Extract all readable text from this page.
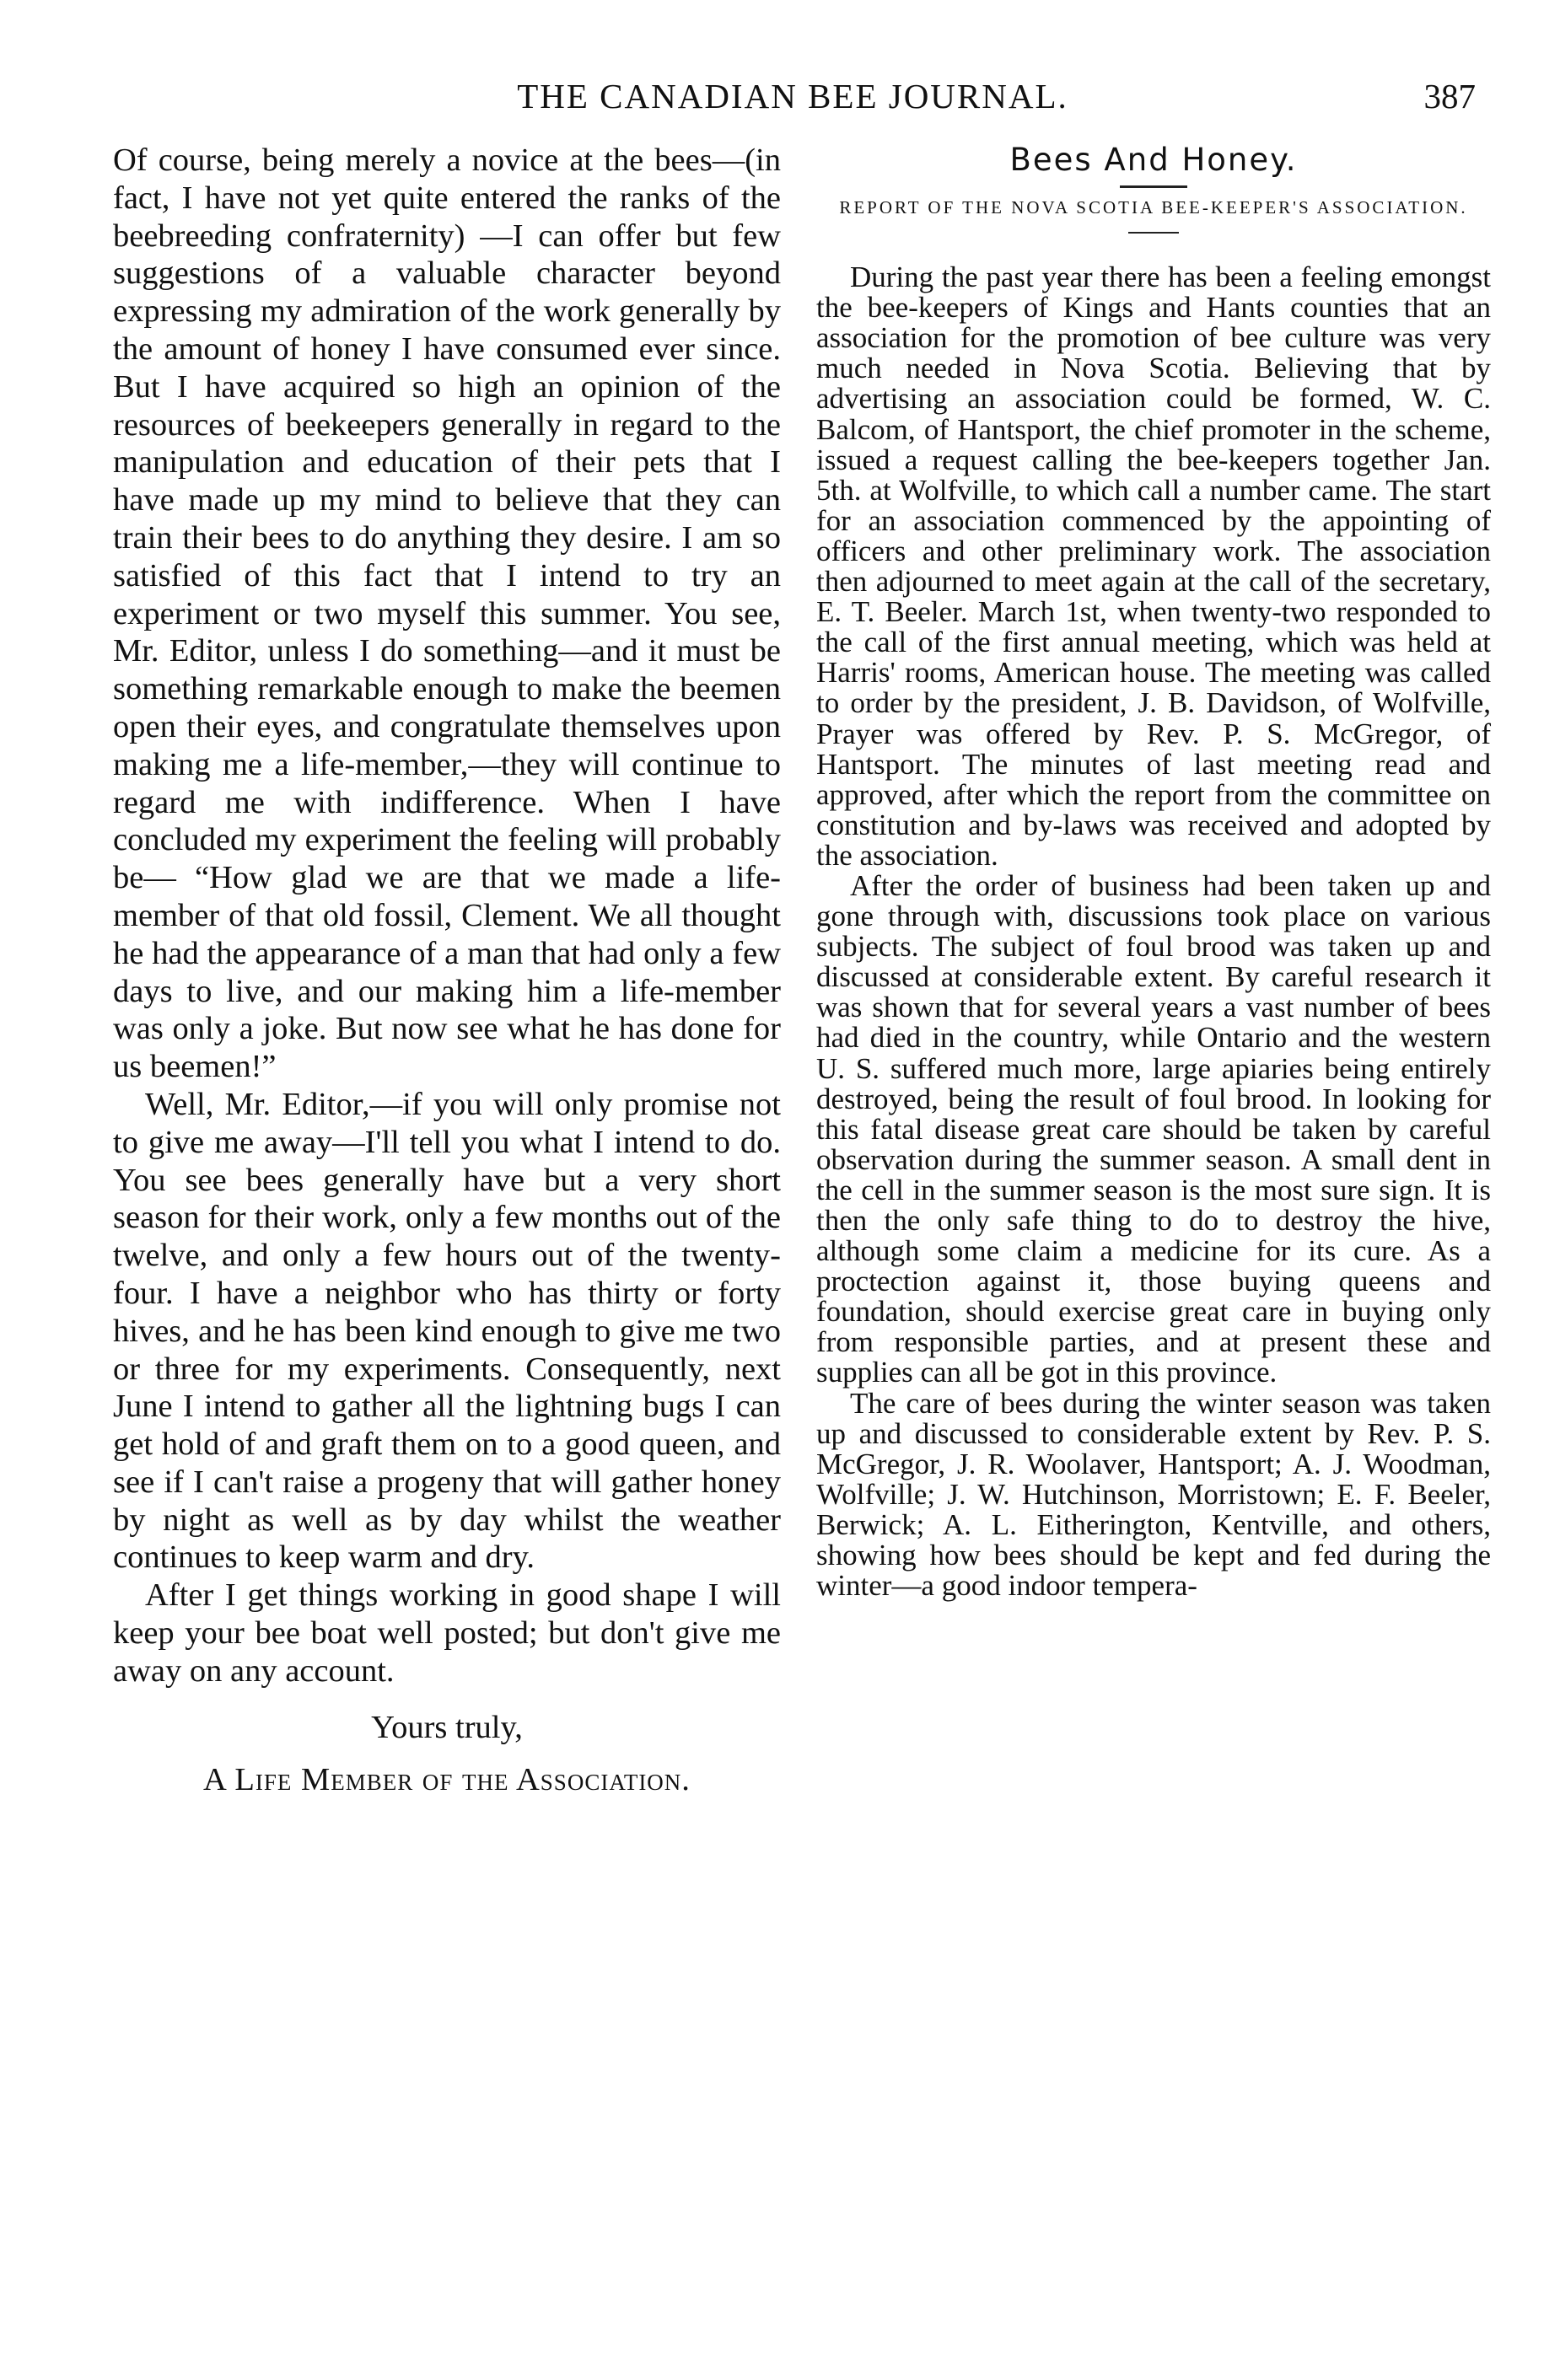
THE CANADIAN BEE JOURNAL.	387

Of course, being merely a novice at the bees—(in fact, I have not yet quite entered the ranks of the beebreeding confraternity) —I can offer but few suggestions of a valuable character beyond expressing my admiration of the work generally by the amount of honey I have consumed ever since. But I have acquired so high an opinion of the resources of beekeepers generally in regard to the manipulation and education of their pets that I have made up my mind to believe that they can train their bees to do anything they desire. I am so satisfied of this fact that I intend to try an experiment or two myself this summer. You see, Mr. Editor, unless I do something—and it must be something remarkable enough to make the beemen open their eyes, and congratulate themselves upon making me a life-member,—they will continue to regard me with indifference. When I have concluded my experiment the feeling will probably be— “How glad we are that we made a life-member of that old fossil, Clement. We all thought he had the appearance of a man that had only a few days to live, and our making him a life-member was only a joke. But now see what he has done for us beemen!”

Well, Mr. Editor,—if you will only promise not to give me away—I'll tell you what I intend to do. You see bees generally have but a very short season for their work, only a few months out of the twelve, and only a few hours out of the twenty-four. I have a neighbor who has thirty or forty hives, and he has been kind enough to give me two or three for my experiments. Consequently, next June I intend to gather all the lightning bugs I can get hold of and graft them on to a good queen, and see if I can't raise a progeny that will gather honey by night as well as by day whilst the weather continues to keep warm and dry.

After I get things working in good shape I will keep your bee boat well posted; but don't give me away on any account.

Yours truly,

A Life Member of the Association.

Bees And Honey.

REPORT OF THE NOVA SCOTIA BEE-KEEPER'S ASSOCIATION.

During the past year there has been a feeling emongst the bee-keepers of Kings and Hants counties that an association for the promotion of bee culture was very much needed in Nova Scotia. Believing that by advertising an association could be formed, W. C. Balcom, of Hantsport, the chief promoter in the scheme, issued a request calling the bee-keepers together Jan. 5th. at Wolfville, to which call a number came. The start for an association commenced by the appointing of officers and other preliminary work. The association then adjourned to meet again at the call of the secretary, E. T. Beeler. March 1st, when twenty-two responded to the call of the first annual meeting, which was held at Harris' rooms, American house. The meeting was called to order by the president, J. B. Davidson, of Wolfville, Prayer was offered by Rev. P. S. McGregor, of Hantsport. The minutes of last meeting read and approved, after which the report from the committee on constitution and by-laws was received and adopted by the association.

After the order of business had been taken up and gone through with, discussions took place on various subjects. The subject of foul brood was taken up and discussed at considerable extent. By careful research it was shown that for several years a vast number of bees had died in the country, while Ontario and the western U. S. suffered much more, large apiaries being entirely destroyed, being the result of foul brood. In looking for this fatal disease great care should be taken by careful observation during the summer season. A small dent in the cell in the summer season is the most sure sign. It is then the only safe thing to do to destroy the hive, although some claim a medicine for its cure. As a proctection against it, those buying queens and foundation, should exercise great care in buying only from responsible parties, and at present these and supplies can all be got in this province.

The care of bees during the winter season was taken up and discussed to considerable extent by Rev. P. S. McGregor, J. R. Woolaver, Hantsport; A. J. Woodman, Wolfville; J. W. Hutchinson, Morristown; E. F. Beeler, Berwick; A. L. Eitherington, Kentville, and others, showing how bees should be kept and fed during the winter—a good indoor tempera-
